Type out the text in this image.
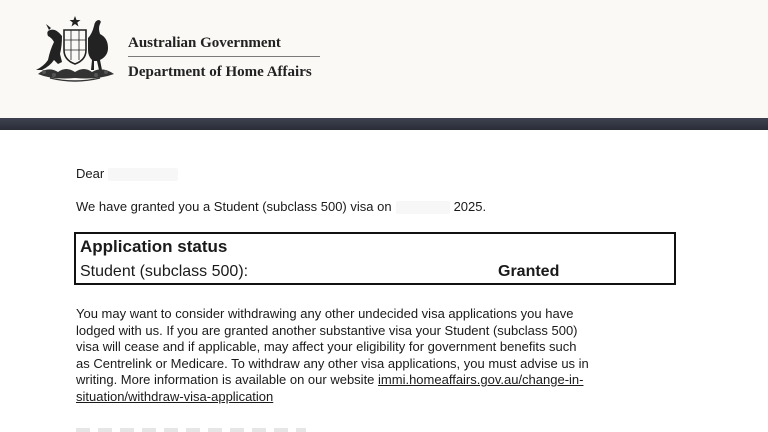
Australian Government
Department of Home Affairs
Dear
We have granted you a Student (subclass 500) visa on	2025.
Application status
Student (subclass 500):	Granted
You may want to consider withdrawing any other undecided visa applications you have
lodged with us. If you are granted another substantive visa your Student (subclass 500)
visa will cease and if applicable, may affect your eligibility for government benefits such
as Centrelink or Medicare. To withdraw any other visa applications, you must advise us in
writing. More information is available on our website immi.homeaffairs.gov.au/change-in-
situation/withdraw-visa-application
